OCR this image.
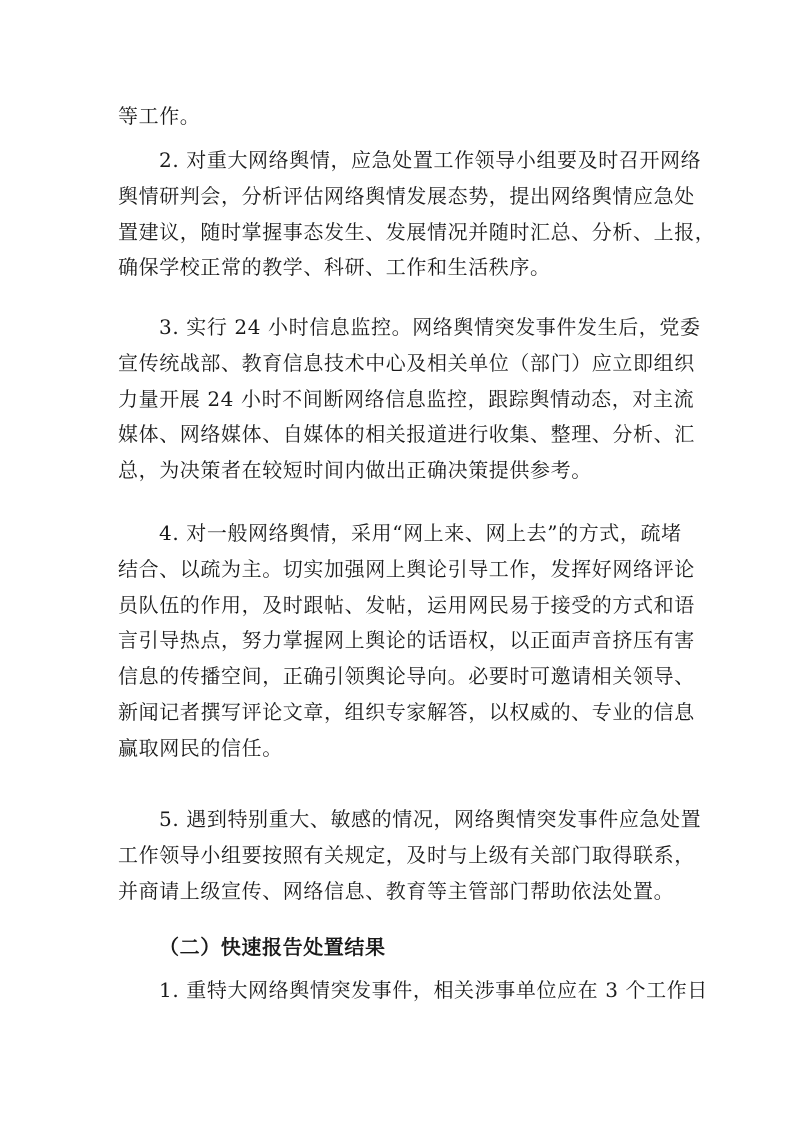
等工作。
2. 对重大网络舆情，应急处置工作领导小组要及时召开网络
舆情研判会，分析评估网络舆情发展态势，提出网络舆情应急处
置建议，随时掌握事态发生、发展情况并随时汇总、分析、上报，
确保学校正常的教学、科研、工作和生活秩序。
3. 实行 24 小时信息监控。网络舆情突发事件发生后，党委
宣传统战部、教育信息技术中心及相关单位（部门）应立即组织
力量开展 24 小时不间断网络信息监控，跟踪舆情动态，对主流
媒体、网络媒体、自媒体的相关报道进行收集、整理、分析、汇
总，为决策者在较短时间内做出正确决策提供参考。
4. 对一般网络舆情，采用“网上来、网上去”的方式，疏堵
结合、以疏为主。切实加强网上舆论引导工作，发挥好网络评论
员队伍的作用，及时跟帖、发帖，运用网民易于接受的方式和语
言引导热点，努力掌握网上舆论的话语权，以正面声音挤压有害
信息的传播空间，正确引领舆论导向。必要时可邀请相关领导、
新闻记者撰写评论文章，组织专家解答，以权威的、专业的信息
赢取网民的信任。
5. 遇到特别重大、敏感的情况，网络舆情突发事件应急处置
工作领导小组要按照有关规定，及时与上级有关部门取得联系，
并商请上级宣传、网络信息、教育等主管部门帮助依法处置。
（二）快速报告处置结果
1. 重特大网络舆情突发事件，相关涉事单位应在 3 个工作日
